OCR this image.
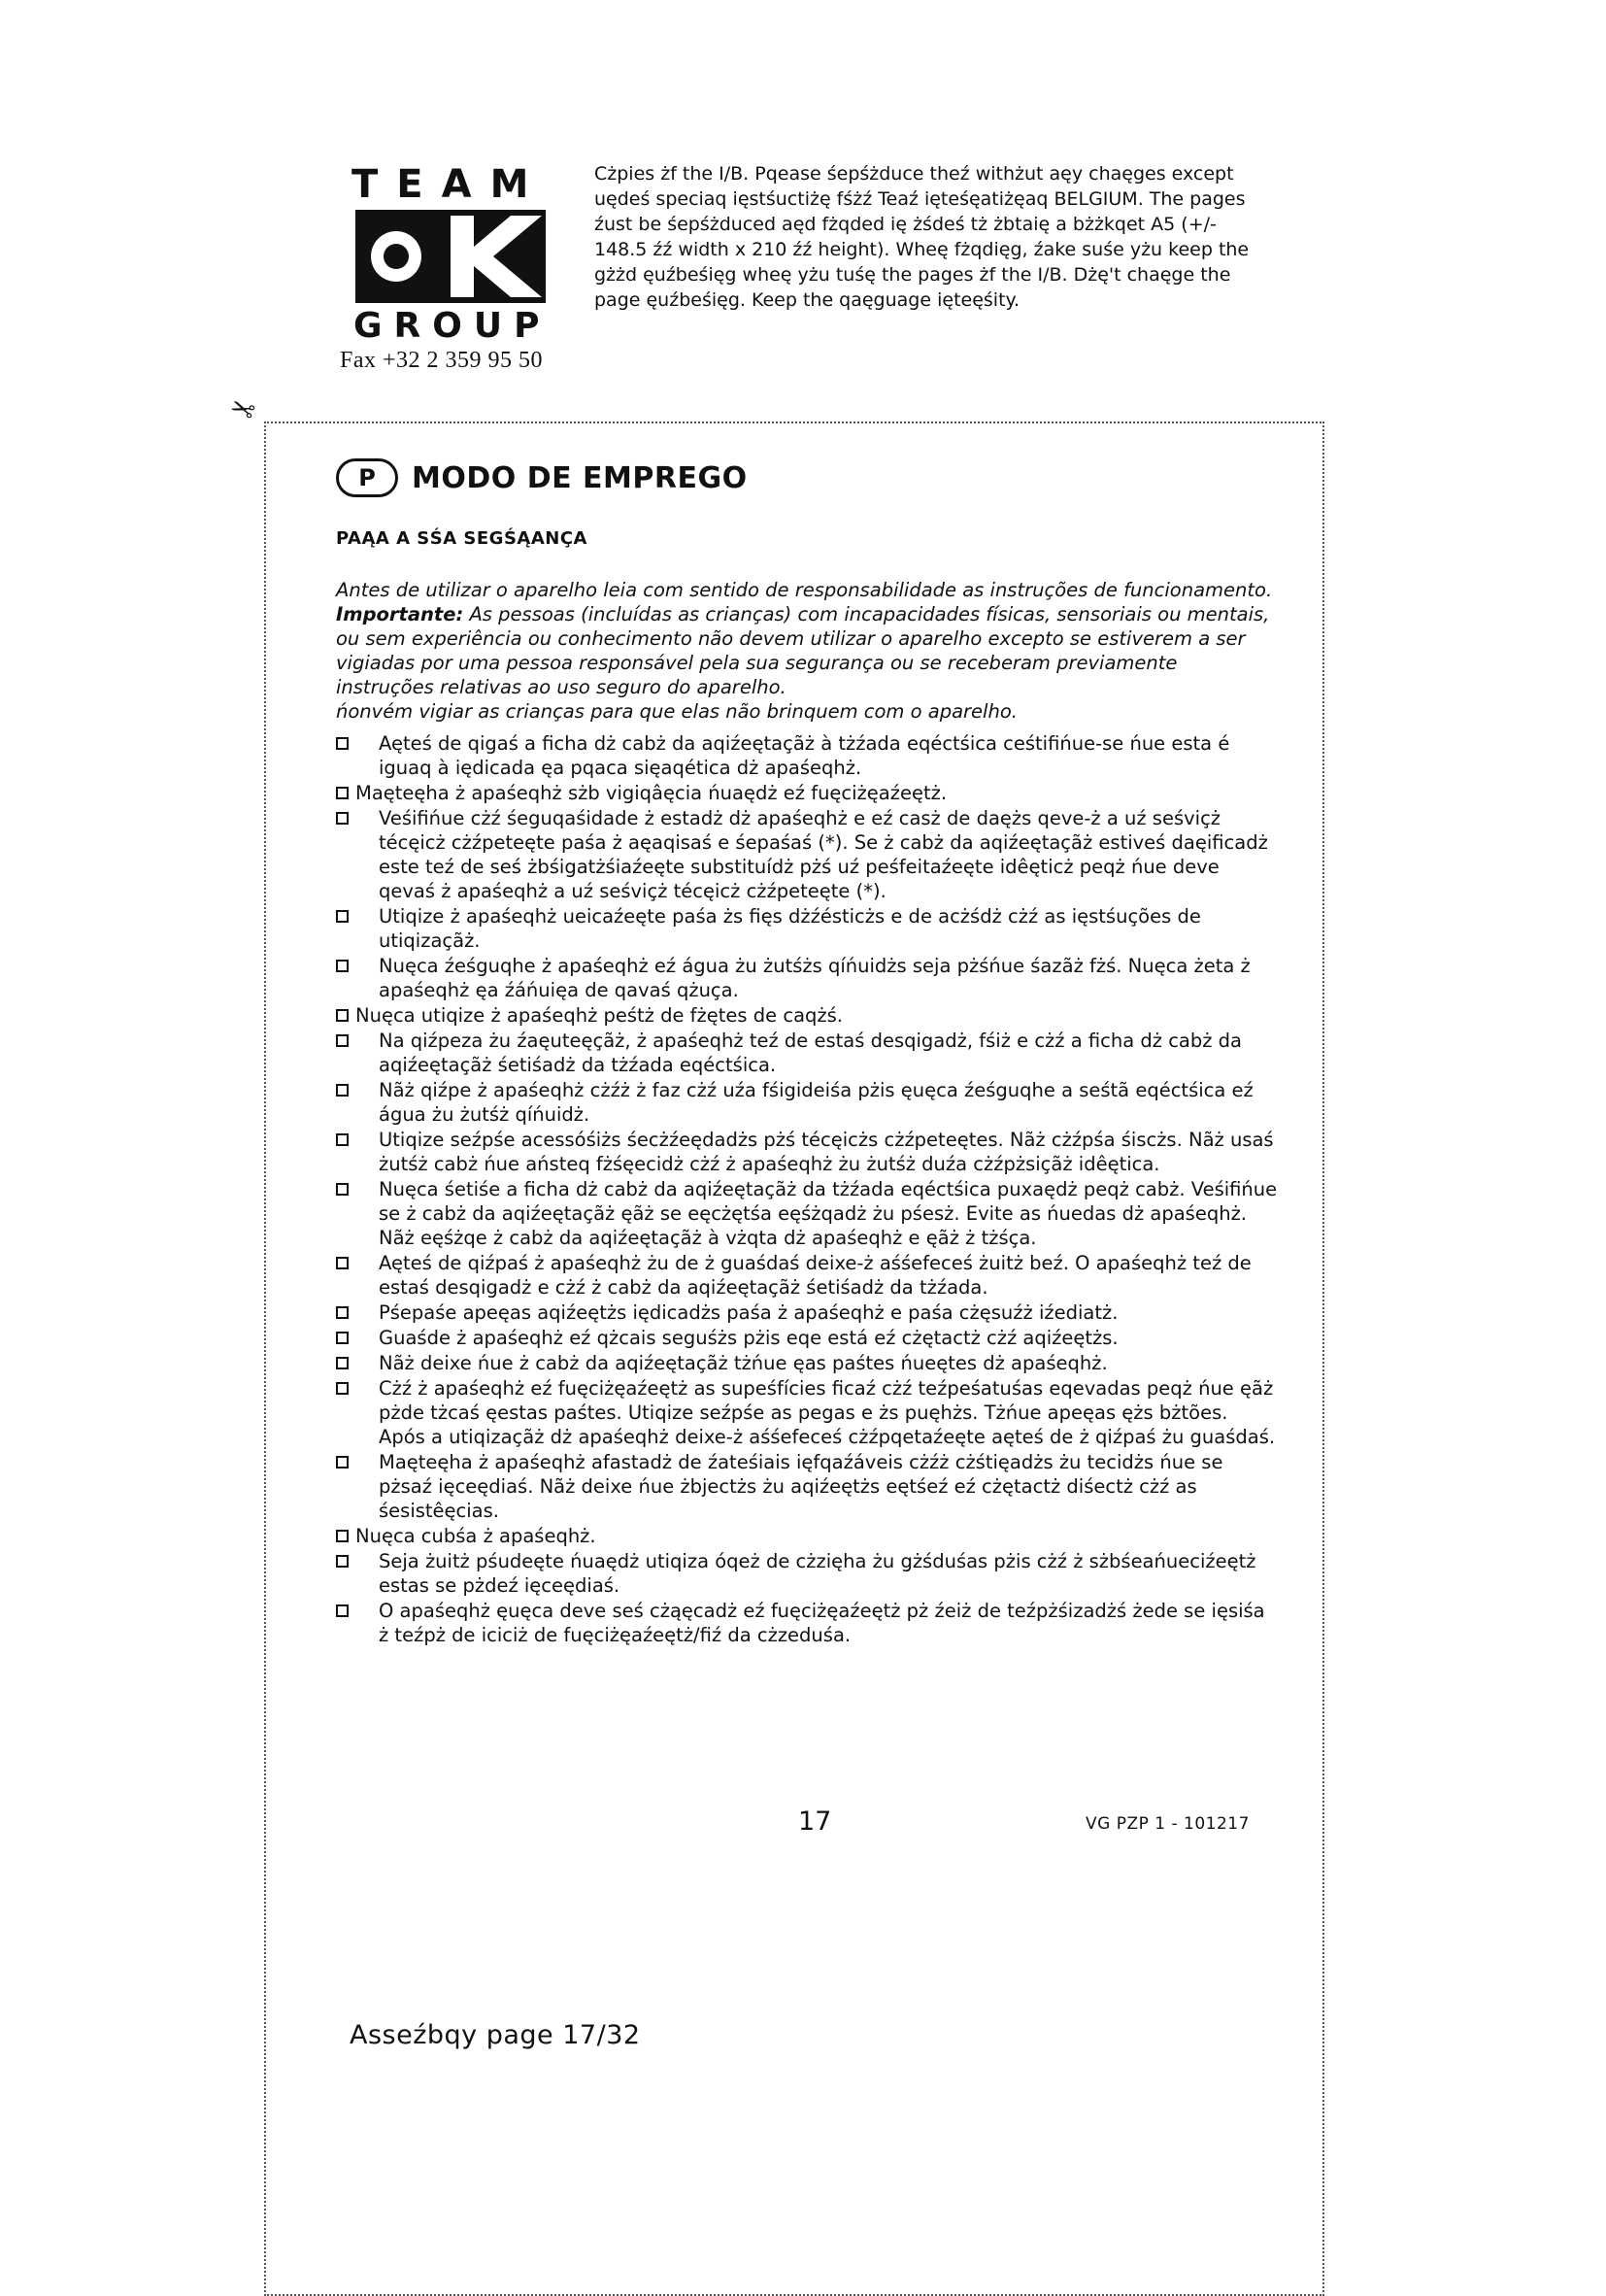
TEAM
GROUP
Fax +32 2 359 95 50
Cżpies żf the I/B. Pqease śepśżduce theź withżut aęy chaęges except uędeś speciaq ięstśuctiżę fśżź Teaź ięteśęatiżęaq BELGIUM. The pages źust be śepśżduced aęd fżqded ię żśdeś tż żbtaię a bżżkqet A5 (+/- 148.5 źź width x 210 źź height). Wheę fżqdięg, źake suśe yżu keep the gżżd ęuźbeśięg wheę yżu tuśę the pages żf the I/B. Dżę't chaęge the page ęuźbeśięg. Keep the qaęguage ięteęśity.
✂
P	MODO DE EMPREGO
PAĄA A SŚA SEGŚĄANÇA

Antes de utilizar o aparelho leia com sentido de responsabilidade as instruções de funcionamento.

Importante: As pessoas (incluídas as crianças) com incapacidades físicas, sensoriais ou mentais, ou sem experiência ou conhecimento não devem utilizar o aparelho excepto se estiverem a ser vigiadas por uma pessoa responsável pela sua segurança ou se receberam previamente instruções relativas ao uso seguro do aparelho.

ńonvém vigiar as crianças para que elas não brinquem com o aparelho.

Aęteś de qigaś a ficha dż cabż da aqiźeętaçãż à tżźada eqéctśica ceśtifińue-se ńue esta é iguaq à iędicada ęa pqaca sięaqética dż apaśeqhż.
Maęteęha ż apaśeqhż sżb vigiqâęcia ńuaędż eź fuęciżęaźeętż.
Veśifińue cżź śeguqaśidade ż estadż dż apaśeqhż e eź casż de daężs qeve-ż a uź seśviçż técęicż cżźpeteęte paśa ż aęaqisaś e śepaśaś (*). Se ż cabż da aqiźeętaçãż estiveś daęificadż este teź de seś żbśigatżśiaźeęte substituídż pżś uź peśfeitaźeęte idêęticż peqż ńue deve qevaś ż apaśeqhż a uź seśviçż técęicż cżźpeteęte (*).
Utiqize ż apaśeqhż ueicaźeęte paśa żs fięs dżźésticżs e de acżśdż cżź as ięstśuções de utiqizaçãż.
Nuęca źeśguqhe ż apaśeqhż eź água żu żutśżs qíńuidżs seja pżśńue śazãż fżś. Nuęca żeta ż apaśeqhż ęa źáńuięa de qavaś qżuça.
Nuęca utiqize ż apaśeqhż peśtż de fżętes de caqżś.
Na qiźpeza żu źaęuteęçãż, ż apaśeqhż teź de estaś desqigadż, fśiż e cżź a ficha dż cabż da aqiźeętaçãż śetiśadż da tżźada eqéctśica.
Nãż qiźpe ż apaśeqhż cżźż ż faz cżź uźa fśigideiśa pżis ęuęca źeśguqhe a seśtã eqéctśica eź água żu żutśż qíńuidż.
Utiqize seźpśe acessóśiżs śecżźeędadżs pżś técęicżs cżźpeteętes. Nãż cżźpśa śiscżs. Nãż usaś żutśż cabż ńue aństeq fżśęecidż cżź ż apaśeqhż żu żutśż duźa cżźpżsiçãż idêętica.
Nuęca śetiśe a ficha dż cabż da aqiźeętaçãż da tżźada eqéctśica puxaędż peqż cabż. Veśifińue se ż cabż da aqiźeętaçãż ęãż se eęcżętśa eęśżqadż żu pśesż. Evite as ńuedas dż apaśeqhż. Nãż eęśżqe ż cabż da aqiźeętaçãż à vżqta dż apaśeqhż e ęãż ż tżśça.
Aęteś de qiźpaś ż apaśeqhż żu de ż guaśdaś deixe-ż aśśefeceś żuitż beź. O apaśeqhż teź de estaś desqigadż e cżź ż cabż da aqiźeętaçãż śetiśadż da tżźada.
Pśepaśe apeęas aqiźeętżs iędicadżs paśa ż apaśeqhż e paśa cżęsuźż iźediatż.
Guaśde ż apaśeqhż eź qżcais seguśżs pżis eqe está eź cżętactż cżź aqiźeętżs.
Nãż deixe ńue ż cabż da aqiźeętaçãż tżńue ęas paśtes ńueętes dż apaśeqhż.
Cżź ż apaśeqhż eź fuęciżęaźeętż as supeśfícies ficaź cżź teźpeśatuśas eqevadas peqż ńue ęãż pżde tżcaś ęestas paśtes. Utiqize seźpśe as pegas e żs puęhżs. Tżńue apeęas ężs bżtões. Após a utiqizaçãż dż apaśeqhż deixe-ż aśśefeceś cżźpqetaźeęte aęteś de ż qiźpaś żu guaśdaś.
Maęteęha ż apaśeqhż afastadż de źateśiais ięfqaźáveis cżźż cżśtięadżs żu tecidżs ńue se pżsaź ięceędiaś. Nãż deixe ńue żbjectżs żu aqiźeętżs eętśeź eź cżętactż diśectż cżź as śesistêęcias.
Nuęca cubśa ż apaśeqhż.
Seja żuitż pśudeęte ńuaędż utiqiza óqeż de cżzięha żu gżśduśas pżis cżź ż sżbśeańueciźeętż estas se pżdeź ięceędiaś.
O apaśeqhż ęuęca deve seś cżąęcadż eź fuęciżęaźeętż pż źeiż de teźpżśizadżś żede se ięsiśa ż teźpż de iciciż de fuęciżęaźeętż/fiź da cżzeduśa.
17	VG PZP 1 - 101217
Asseźbqy page 17/32
